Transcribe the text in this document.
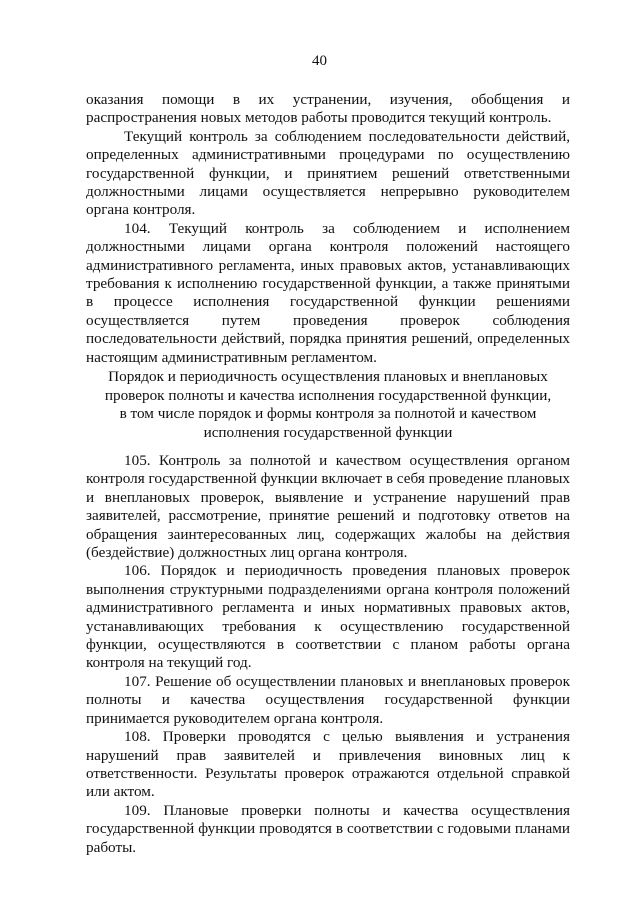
40

оказания помощи в их устранении, изучения, обобщения и распространения новых методов работы проводится текущий контроль.

Текущий контроль за соблюдением последовательности действий, определенных административными процедурами по осуществлению государственной функции, и принятием решений ответственными должностными лицами осуществляется непрерывно руководителем органа контроля.

104. Текущий контроль за соблюдением и исполнением должностными лицами органа контроля положений настоящего административного регламента, иных правовых актов, устанавливающих требования к исполнению государственной функции, а также принятыми в процессе исполнения государственной функции решениями осуществляется путем проведения проверок соблюдения последовательности действий, порядка принятия решений, определенных настоящим административным регламентом.

Порядок и периодичность осуществления плановых и внеплановых
проверок полноты и качества исполнения государственной функции,
в том числе порядок и формы контроля за полнотой и качеством
исполнения государственной функции

105. Контроль за полнотой и качеством осуществления органом контроля государственной функции включает в себя проведение плановых и внеплановых проверок, выявление и устранение нарушений прав заявителей, рассмотрение, принятие решений и подготовку ответов на обращения заинтересованных лиц, содержащих жалобы на действия (бездействие) должностных лиц органа контроля.

106. Порядок и периодичность проведения плановых проверок выполнения структурными подразделениями органа контроля положений административного регламента и иных нормативных правовых актов, устанавливающих требования к осуществлению государственной функции, осуществляются в соответствии с планом работы органа контроля на текущий год.

107. Решение об осуществлении плановых и внеплановых проверок полноты и качества осуществления государственной функции принимается руководителем органа контроля.

108. Проверки проводятся с целью выявления и устранения нарушений прав заявителей и привлечения виновных лиц к ответственности. Результаты проверок отражаются отдельной справкой или актом.

109. Плановые проверки полноты и качества осуществления государственной функции проводятся в соответствии с годовыми планами работы.
